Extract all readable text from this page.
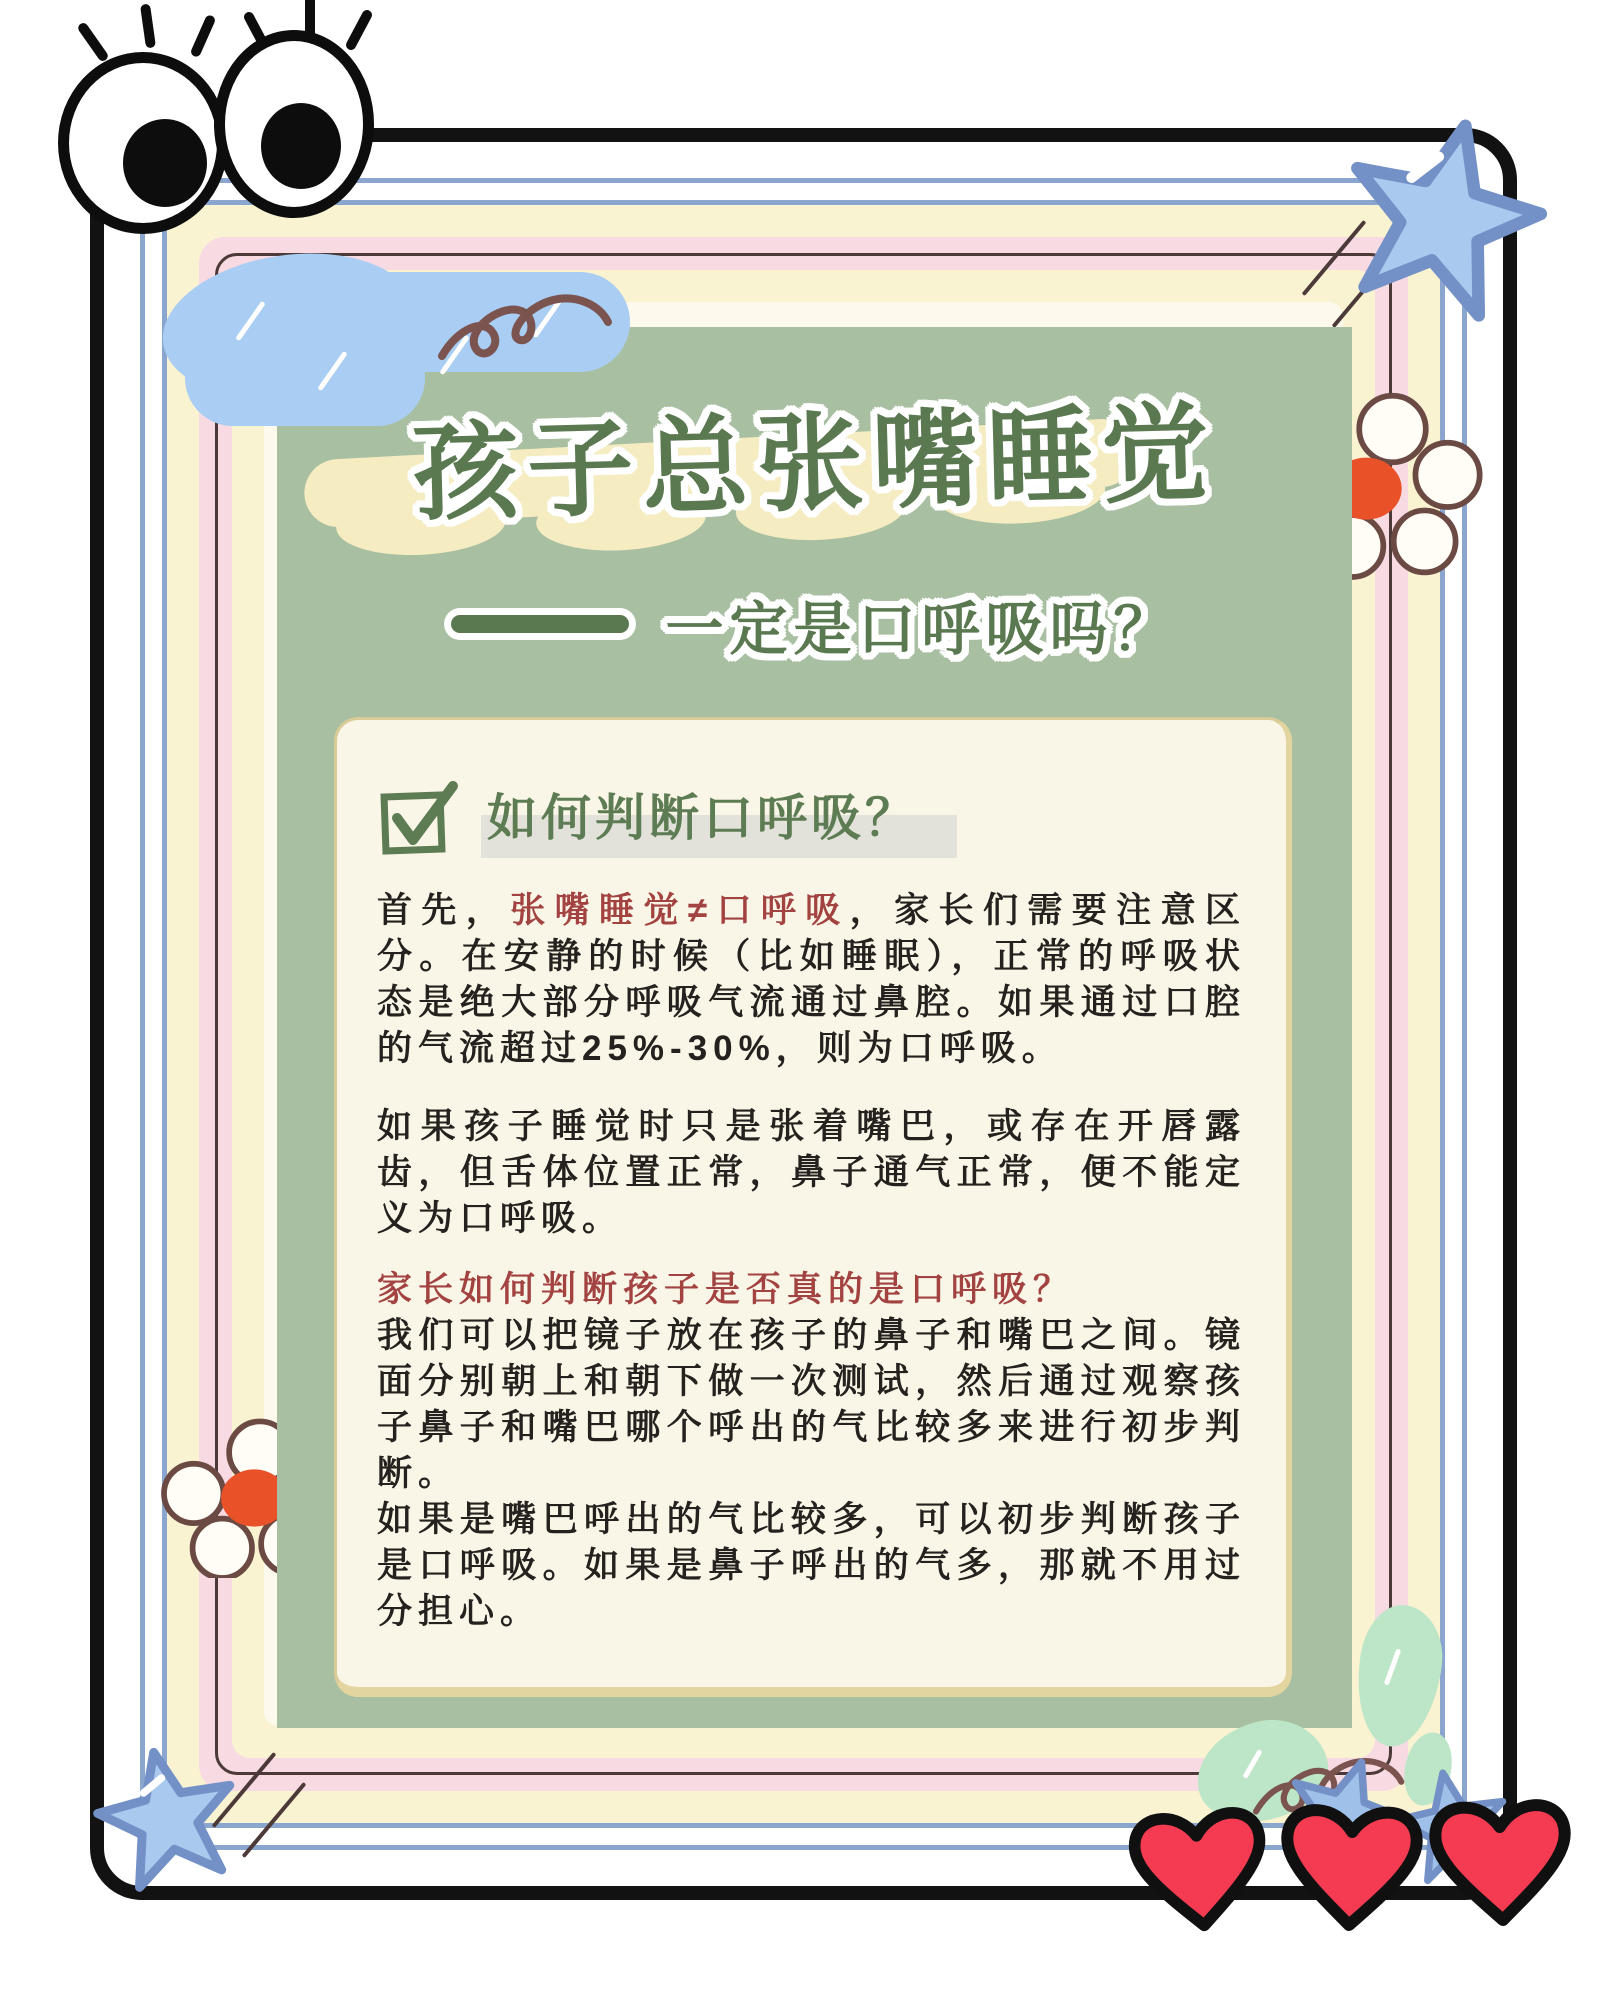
孩子总张嘴睡觉
一定是口呼吸吗？
如何判断口呼吸？

首先，张嘴睡觉≠口呼吸，家长们需要注意区分。在安静的时候（比如睡眠），正常的呼吸状态是绝大部分呼吸气流通过鼻腔。如果通过口腔的气流超过25%-30%，则为口呼吸。

如果孩子睡觉时只是张着嘴巴，或存在开唇露齿，但舌体位置正常，鼻子通气正常，便不能定义为口呼吸。

家长如何判断孩子是否真的是口呼吸？

我们可以把镜子放在孩子的鼻子和嘴巴之间。镜面分别朝上和朝下做一次测试，然后通过观察孩子鼻子和嘴巴哪个呼出的气比较多来进行初步判断。

如果是嘴巴呼出的气比较多，可以初步判断孩子是口呼吸。如果是鼻子呼出的气多，那就不用过分担心。
